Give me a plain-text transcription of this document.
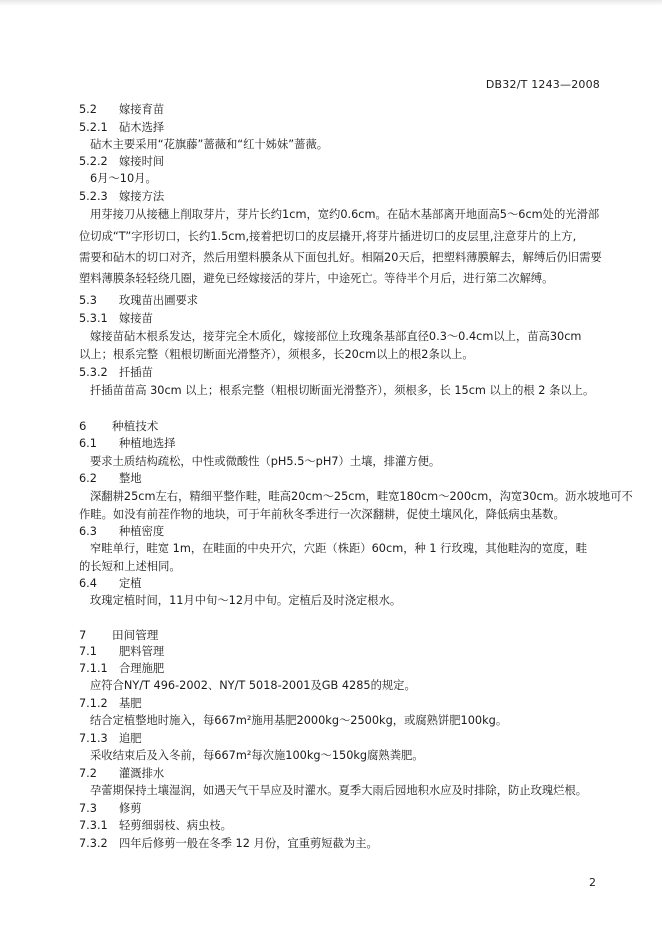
DB32/T 1243—2008
5.2 嫁接育苗
5.2.1 砧木选择
砧木主要采用“花旗藤”蔷薇和“红十姊妹”蔷薇。
5.2.2 嫁接时间
6月～10月。
5.2.3 嫁接方法
用芽接刀从接穗上削取芽片，芽片长约1cm，宽约0.6cm。在砧木基部离开地面高5～6cm处的光滑部
位切成“T”字形切口，长约1.5cm,接着把切口的皮层撬开,将芽片插进切口的皮层里,注意芽片的上方,
需要和砧木的切口对齐，然后用塑料膜条从下面包扎好。相隔20天后，把塑料薄膜解去，解缚后仍旧需要
塑料薄膜条轻轻绕几圈，避免已经嫁接活的芽片，中途死亡。等待半个月后，进行第二次解缚。
5.3 玫瑰苗出圃要求
5.3.1 嫁接苗
嫁接苗砧木根系发达，接芽完全木质化，嫁接部位上玫瑰条基部直径0.3～0.4cm以上，苗高30cm
以上；根系完整（粗根切断面光滑整齐），须根多，长20cm以上的根2条以上。
5.3.2 扦插苗
扦插苗苗高 30cm 以上；根系完整（粗根切断面光滑整齐），须根多，长 15cm 以上的根 2 条以上。
6 种植技术
6.1 种植地选择
要求土质结构疏松，中性或微酸性（pH5.5～pH7）土壤，排灌方便。
6.2 整地
深翻耕25cm左右，精细平整作畦，畦高20cm～25cm，畦宽180cm～200cm，沟宽30cm。沥水坡地可不
作畦。如没有前茬作物的地块，可于年前秋冬季进行一次深翻耕，促使土壤风化，降低病虫基数。
6.3 种植密度
窄畦单行，畦宽 1m，在畦面的中央开穴，穴距（株距）60cm，种 1 行玫瑰，其他畦沟的宽度，畦
的长短和上述相同。
6.4 定植
玫瑰定植时间，11月中旬～12月中旬。定植后及时浇定根水。
7 田间管理
7.1 肥料管理
7.1.1 合理施肥
应符合NY/T 496-2002、NY/T 5018-2001及GB 4285的规定。
7.1.2 基肥
结合定植整地时施入，每667m²施用基肥2000kg～2500kg，或腐熟饼肥100kg。
7.1.3 追肥
采收结束后及入冬前，每667m²每次施100kg～150kg腐熟粪肥。
7.2 灌溉排水
孕蕾期保持土壤湿润，如遇天气干旱应及时灌水。夏季大雨后园地积水应及时排除，防止玫瑰烂根。
7.3 修剪
7.3.1 轻剪细弱枝、病虫枝。
7.3.2 四年后修剪一般在冬季 12 月份，宜重剪短截为主。
2
